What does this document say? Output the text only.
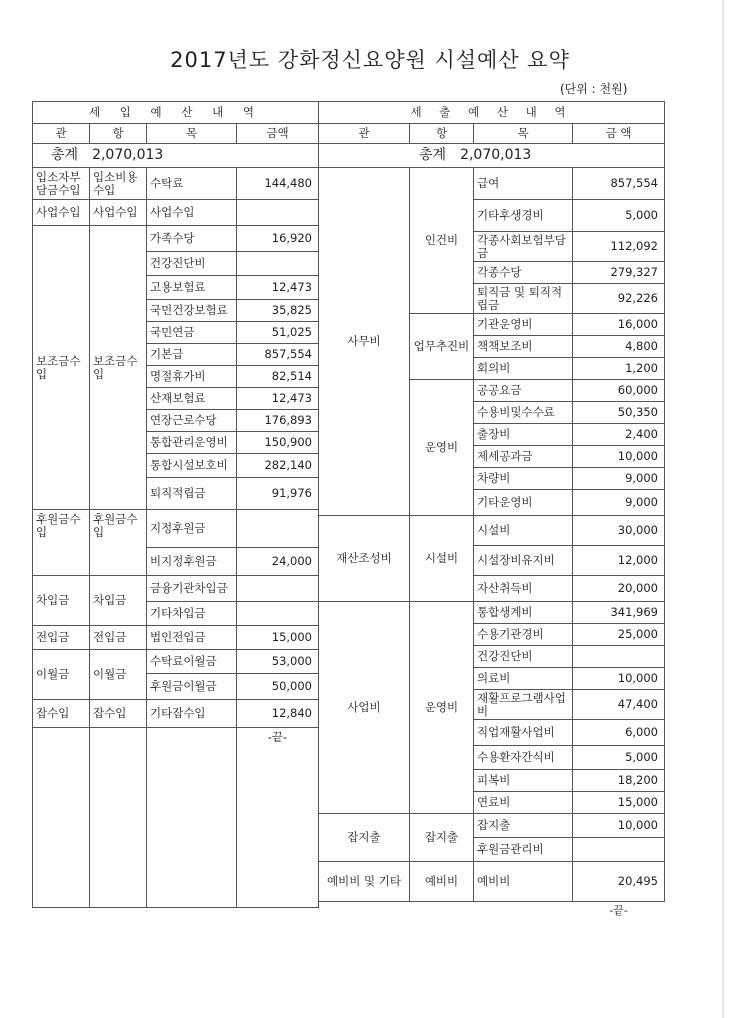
2017년도 강화정신요양원 시설예산 요약
(단위 : 천원)
세 입 예 산 내 역			
관	항	목	금액
총계 2,070,013			
입소자부담금수입	입소비용수입	수탁료	144,480
사업수입	사업수입	사업수입	
보조금수입	보조금수입	가족수당	16,920
		건강진단비	
		고용보험료	12,473
		국민건강보험료	35,825
		국민연금	51,025
		기본급	857,554
		명절휴가비	82,514
		산재보험료	12,473
		연장근로수당	176,893
		통합관리운영비	150,900
		통합시설보호비	282,140
		퇴직적립금	91,976
후원금수입	후원금수입	지정후원금	
		비지정후원금	24,000
차입금	차입금	금융기관차입금	
		기타차입금	
전입금	전입금	법인전입금	15,000
이월금	이월금	수탁료이월금	53,000
		후원금이월금	50,000
잡수입	잡수입	기타잡수입	12,840
			-끝-
세 출 예 산 내 역			
관	항	목	금 액
총계 2,070,013			
사무비	인건비	급여	857,554
		기타후생경비	5,000
		각종사회보험부담금	112,092
		각종수당	279,327
		퇴직금 및 퇴직적립금	92,226
	업무추진비	기관운영비	16,000
		책책보조비	4,800
		회의비	1,200
	운영비	공공요금	60,000
		수용비및수수료	50,350
		출장비	2,400
		제세공과금	10,000
		차량비	9,000
		기타운영비	9,000
재산조성비	시설비	시설비	30,000
		시설장비유지비	12,000
		자산취득비	20,000
사업비	운영비	통합생계비	341,969
		수용기관경비	25,000
		건강진단비	
		의료비	10,000
		재활프로그램사업비	47,400
		직업재활사업비	6,000
		수용환자간식비	5,000
		피복비	18,200
		연료비	15,000
잡지출	잡지출	잡지출	10,000
		후원금관리비	
예비비 및 기타	예비비	예비비	20,495
			-끝-
